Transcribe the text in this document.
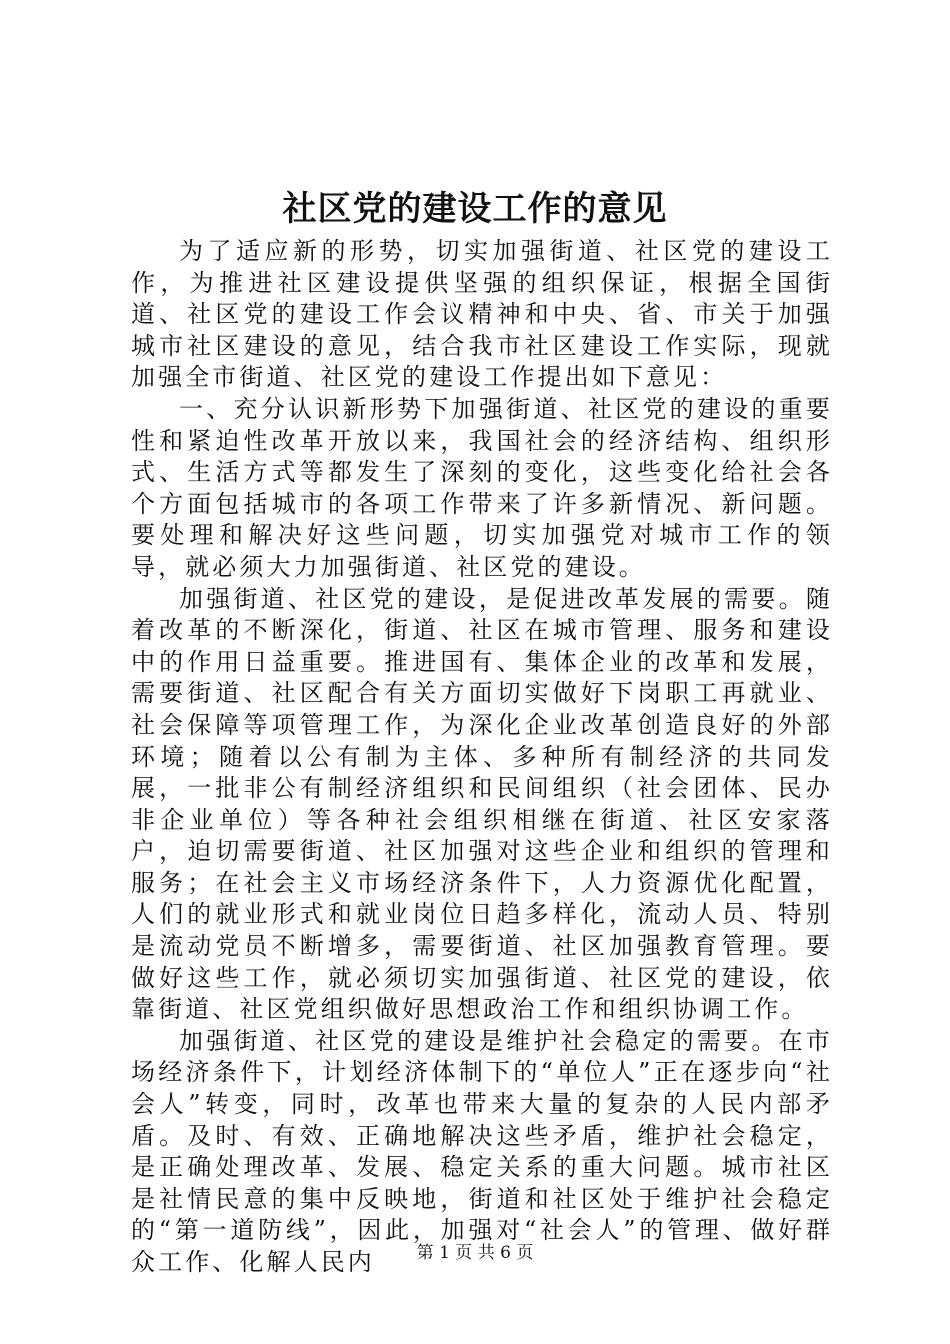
社区党的建设工作的意见

为了适应新的形势，切实加强街道、社区党的建设工作，为推进社区建设提供坚强的组织保证，根据全国街道、社区党的建设工作会议精神和中央、省、市关于加强城市社区建设的意见，结合我市社区建设工作实际，现就加强全市街道、社区党的建设工作提出如下意见：

一、充分认识新形势下加强街道、社区党的建设的重要性和紧迫性改革开放以来，我国社会的经济结构、组织形式、生活方式等都发生了深刻的变化，这些变化给社会各个方面包括城市的各项工作带来了许多新情况、新问题。要处理和解决好这些问题，切实加强党对城市工作的领导，就必须大力加强街道、社区党的建设。

加强街道、社区党的建设，是促进改革发展的需要。随着改革的不断深化，街道、社区在城市管理、服务和建设中的作用日益重要。推进国有、集体企业的改革和发展，需要街道、社区配合有关方面切实做好下岗职工再就业、社会保障等项管理工作，为深化企业改革创造良好的外部环境；随着以公有制为主体、多种所有制经济的共同发展，一批非公有制经济组织和民间组织（社会团体、民办非企业单位）等各种社会组织相继在街道、社区安家落户，迫切需要街道、社区加强对这些企业和组织的管理和服务；在社会主义市场经济条件下，人力资源优化配置，人们的就业形式和就业岗位日趋多样化，流动人员、特别是流动党员不断增多，需要街道、社区加强教育管理。要做好这些工作，就必须切实加强街道、社区党的建设，依靠街道、社区党组织做好思想政治工作和组织协调工作。

加强街道、社区党的建设是维护社会稳定的需要。在市场经济条件下，计划经济体制下的“单位人”正在逐步向“社会人”转变，同时，改革也带来大量的复杂的人民内部矛盾。及时、有效、正确地解决这些矛盾，维护社会稳定，是正确处理改革、发展、稳定关系的重大问题。城市社区是社情民意的集中反映地，街道和社区处于维护社会稳定的“第一道防线”，因此，加强对“社会人”的管理、做好群众工作、化解人民内	第 1 页 共 6 页
